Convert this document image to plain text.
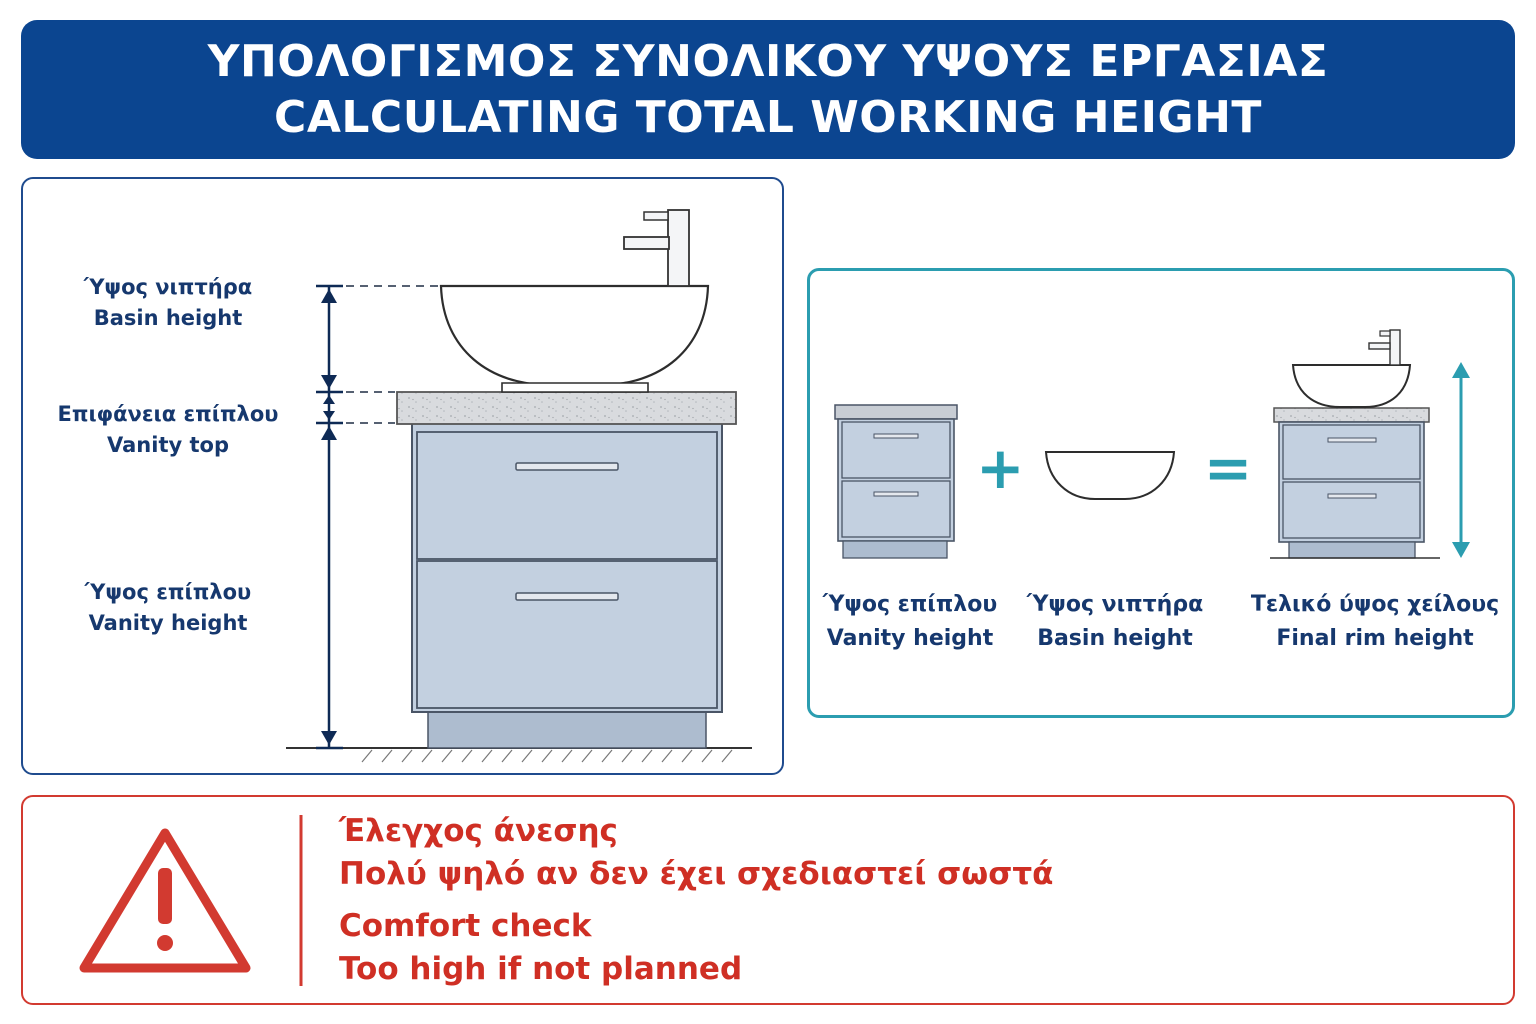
ΥΠΟΛΟΓΙΣΜΟΣ ΣΥΝΟΛΙΚΟΥ ΥΨΟΥΣ ΕΡΓΑΣΙΑΣ
CALCULATING TOTAL WORKING HEIGHT
Ύψος νιπτήρα
Basin height
Επιφάνεια επίπλου
Vanity top
Ύψος επίπλου
Vanity height
+	=
Ύψος επίπλου
Vanity height
Ύψος νιπτήρα
Basin height
Τελικό ύψος χείλους
Final rim height
Έλεγχος άνεσης
Πολύ ψηλό αν δεν έχει σχεδιαστεί σωστά
Comfort check
Too high if not planned
